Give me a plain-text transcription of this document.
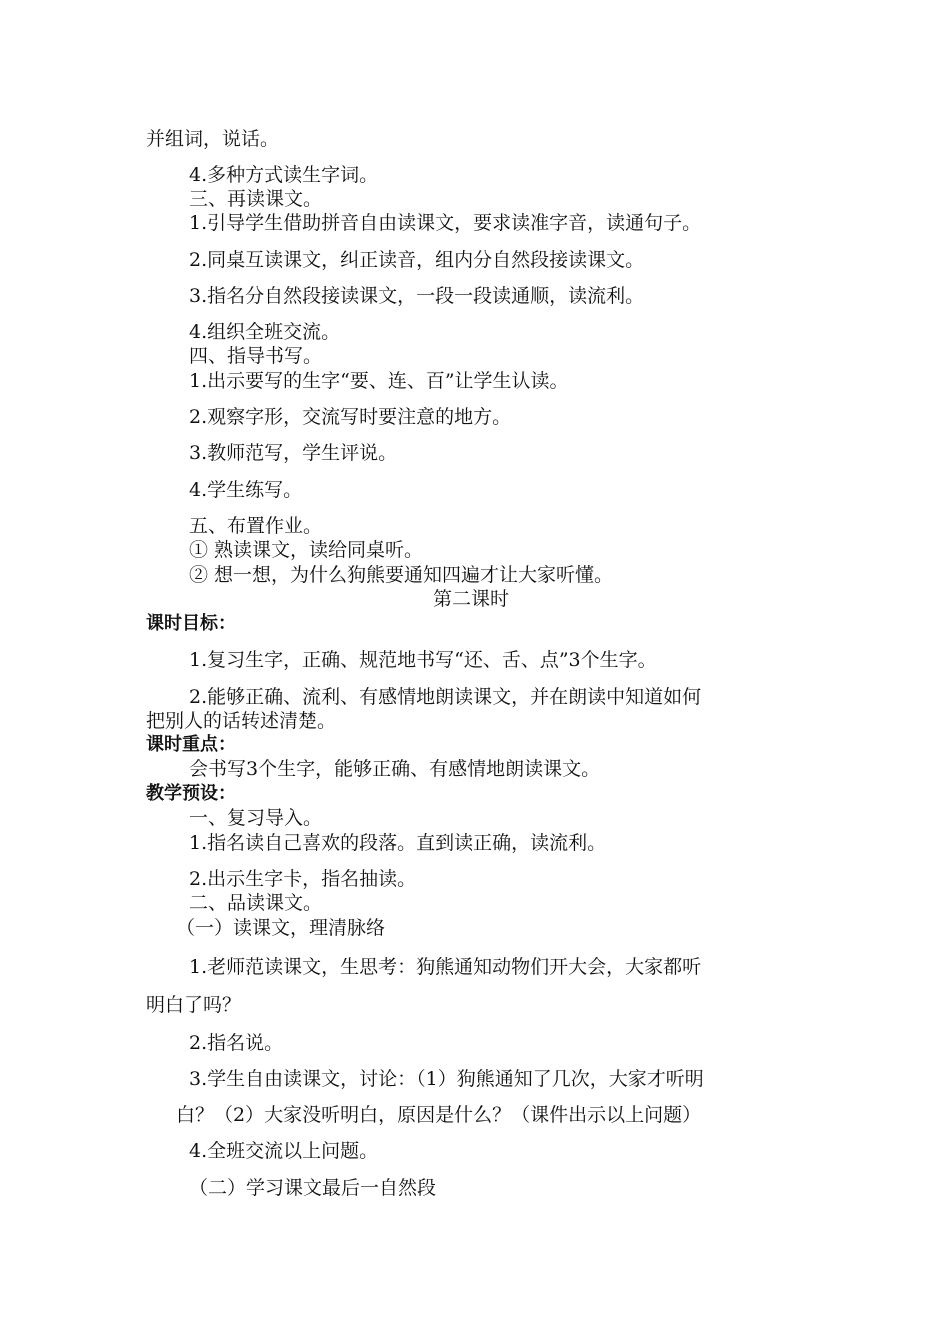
并组词，说话。
4.多种方式读生字词。
三、再读课文。
1.引导学生借助拼音自由读课文，要求读准字音，读通句子。
2.同桌互读课文，纠正读音，组内分自然段接读课文。
3.指名分自然段接读课文，一段一段读通顺，读流利。
4.组织全班交流。
四、指导书写。
1.出示要写的生字“要、连、百”让学生认读。
2.观察字形，交流写时要注意的地方。
3.教师范写，学生评说。
4.学生练写。
五、布置作业。
① 熟读课文，读给同桌听。
② 想一想，为什么狗熊要通知四遍才让大家听懂。
第二课时
课时目标：
1.复习生字，正确、规范地书写“还、舌、点”3个生字。
2.能够正确、流利、有感情地朗读课文，并在朗读中知道如何
把别人的话转述清楚。
课时重点：
会书写3个生字，能够正确、有感情地朗读课文。
教学预设：
一、复习导入。
1.指名读自己喜欢的段落。直到读正确，读流利。
2.出示生字卡，指名抽读。
二、品读课文。
（一）读课文，理清脉络
1.老师范读课文，生思考：狗熊通知动物们开大会，大家都听
明白了吗？
2.指名说。
3.学生自由读课文，讨论：（1）狗熊通知了几次，大家才听明
白？（2）大家没听明白，原因是什么？（课件出示以上问题）
4.全班交流以上问题。
（二）学习课文最后一自然段
